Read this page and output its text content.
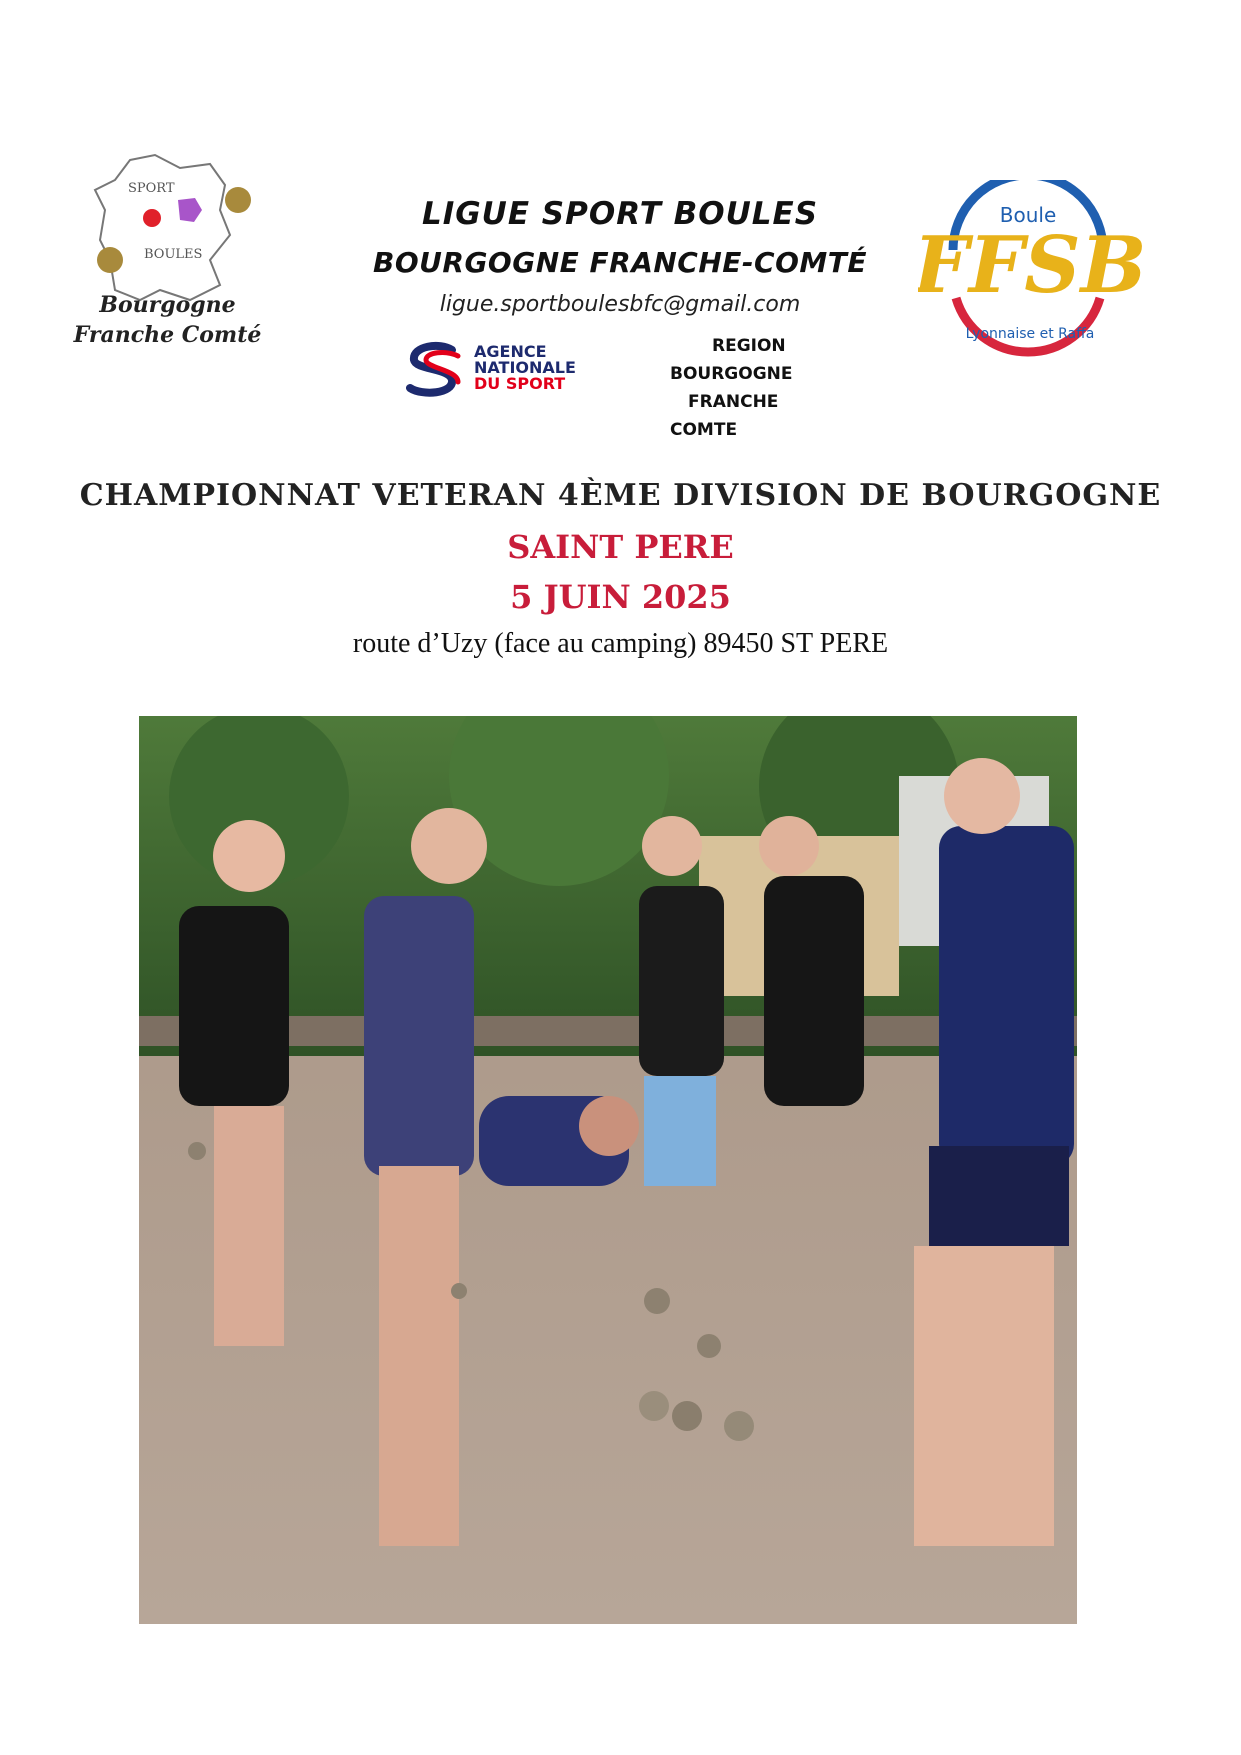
SPORT
BOULES
Bourgogne
Franche Comté
LIGUE SPORT BOULES
BOURGOGNE FRANCHE-COMTÉ
ligue.sportboulesbfc@gmail.com
AGENCE
NATIONALE
DU SPORT
REGION
BOURGOGNE
FRANCHE
COMTE
Boule
FFSB
Lyonnaise et Raffa
CHAMPIONNAT VETERAN 4ÈME DIVISION DE BOURGOGNE
SAINT PERE
5 JUIN 2025
route d’Uzy (face au camping) 89450 ST PERE
